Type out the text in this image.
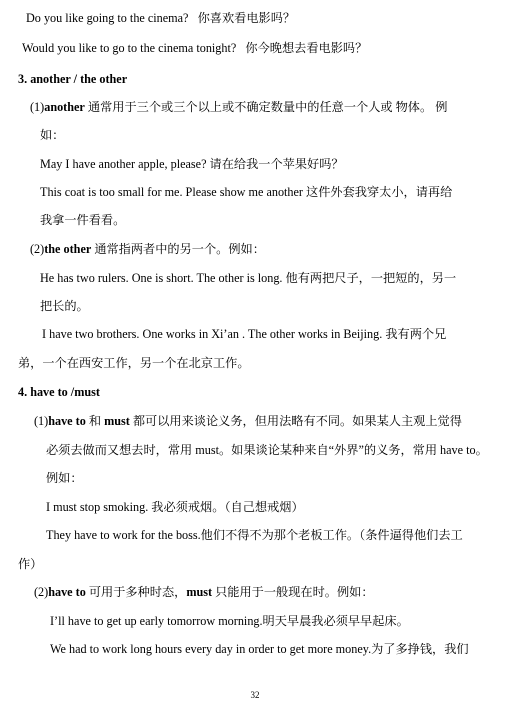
Do you like going to the cinema?   你喜欢看电影吗？
Would you like to go to the cinema tonight?   你今晚想去看电影吗？
3. another / the other
(1)another 通常用于三个或三个以上或不确定数量中的任意一个人或 物体。 例
如：
May I have another apple, please? 请在给我一个苹果好吗？
This coat is too small for me. Please show me another 这件外套我穿太小，请再给
我拿一件看看。
(2)the other 通常指两者中的另一个。例如：
He has two rulers. One is short. The other is long. 他有两把尺子，一把短的，另一
把长的。
I have two brothers. One works in Xi’an . The other works in Beijing. 我有两个兄
弟，一个在西安工作，另一个在北京工作。
4. have to /must
(1)have to 和 must 都可以用来谈论义务，但用法略有不同。如果某人主观上觉得
必须去做而又想去时，常用 must。如果谈论某种来自“外界”的义务，常用 have to。
例如：
I must stop smoking. 我必须戒烟。（自己想戒烟）
They have to work for the boss.他们不得不为那个老板工作。（条件逼得他们去工
作）
(2)have to 可用于多种时态，must 只能用于一般现在时。例如：
I’ll have to get up early tomorrow morning.明天早晨我必须早早起床。
We had to work long hours every day in order to get more money.为了多挣钱，我们
32
